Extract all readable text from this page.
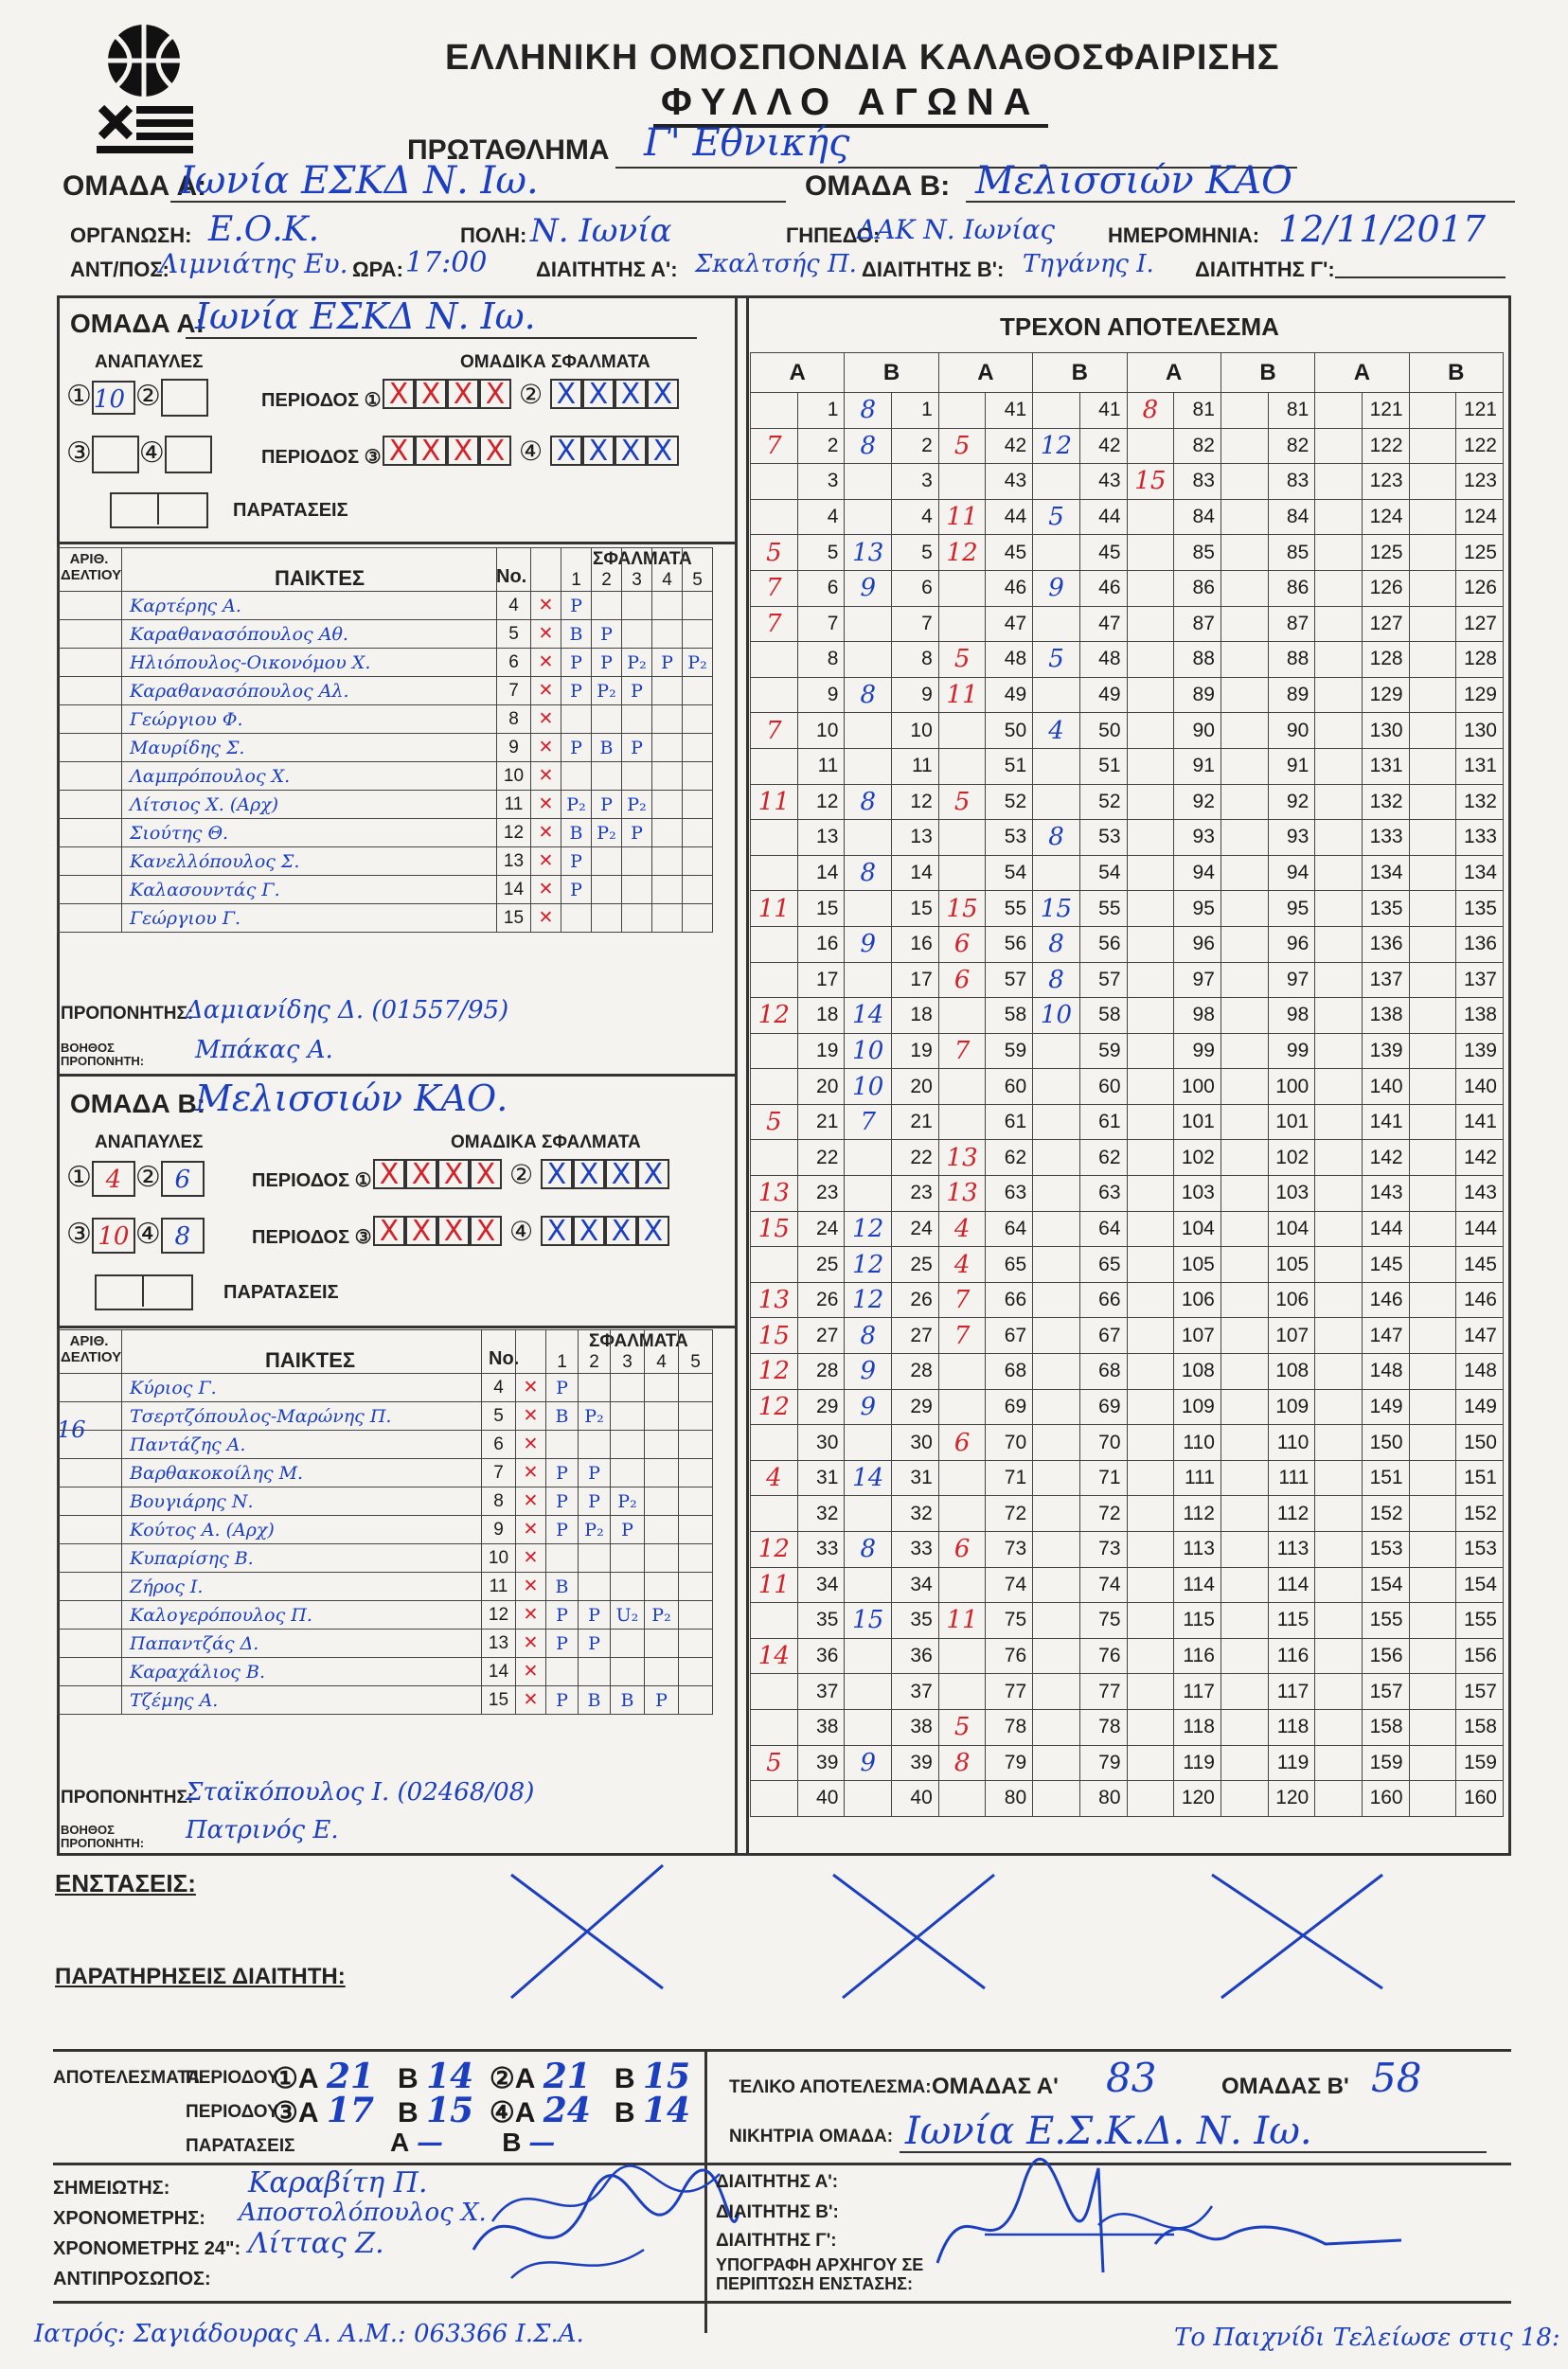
ΕΛΛΗΝΙΚΗ ΟΜΟΣΠΟΝΔΙΑ ΚΑΛΑΘΟΣΦΑΙΡΙΣΗΣ
ΦΥΛΛΟ ΑΓΩΝΑ
ΠΡΩΤΑΘΛΗΜΑ Γ' Εθνικής
ΟΜΑΔΑ Α:
Ιωνία ΕΣΚΔ Ν. Ιω.	ΟΜΑΔΑ Β: Μελισσιών ΚΑΟ
ΟΡΓΑΝΩΣΗ: Ε.Ο.Κ.	ΠΟΛΗ: Ν. Ιωνία	ΓΗΠΕΔΟ:
ΔΑΚ Ν. Ιωνίας	ΗΜΕΡΟΜΗΝΙΑ: 12/11/2017
ΑΝΤ/ΠΟΣ:
Λιμνιάτης Ευ. ΩΡΑ: 17:00 ΔΙΑΙΤΗΤΗΣ Α': Σκαλτσής Π. ΔΙΑΙΤΗΤΗΣ Β': Τηγάνης Ι. ΔΙΑΙΤΗΤΗΣ Γ':
ΟΜΑΔΑ Α:
Ιωνία ΕΣΚΔ Ν. Ιω.
ΑΝΑΠΑΥΛΕΣ	ΟΜΑΔΙΚΑ ΣΦΑΛΜΑΤΑ
①10 ②	ΠΕΡΙΟΔΟΣ ① X X X X ② X X X X
③ ④	ΠΕΡΙΟΔΟΣ ③ X X X X ④ X X X X
ΠΑΡΑΤΑΣΕΙΣ
ΑΡΙΘ. ΔΕΛΤΙΟΥ	ΠΑΙΚΤΕΣ	No.
ΣΦΑΛΜΑΤΑ
				1	2	3	4	5
	Καρτέρης Α.	4	✕	P				
	Καραθανασόπουλος Αθ.	5	✕	B	P			
	Ηλιόπουλος-Οικονόμου Χ.	6	✕	P	P	P₂	P	P₂
	Καραθανασόπουλος Αλ.	7	✕	P	P₂	P		
	Γεώργιου Φ.	8	✕					
	Μαυρίδης Σ.	9	✕	P	B	P		
	Λαμπρόπουλος Χ.	10	✕					
	Λίτσιος Χ. (Αρχ)	11	✕	P₂	P	P₂		
	Σιούτης Θ.	12	✕	B	P₂	P		
	Κανελλόπουλος Σ.	13	✕	P				
	Καλασουντάς Γ.	14	✕	P				
	Γεώργιου Γ.	15	✕					
ΠΡΟΠΟΝΗΤΗΣ:
Δαμιανίδης Δ. (01557/95)
ΒΟΗΘΟΣ ΠΡΟΠΟΝΗΤΗ: Μπάκας Α.
ΟΜΑΔΑ Β:
Μελισσιών ΚΑΟ.
ΑΝΑΠΑΥΛΕΣ	ΟΜΑΔΙΚΑ ΣΦΑΛΜΑΤΑ
① 4 ② 6	ΠΕΡΙΟΔΟΣ ① X X X X ② X X X X
③ 10 ④ 8	ΠΕΡΙΟΔΟΣ ③ X X X X ④ X X X X
ΠΑΡΑΤΑΣΕΙΣ
ΑΡΙΘ. ΔΕΛΤΙΟΥ	ΠΑΙΚΤΕΣ	No.
ΣΦΑΛΜΑΤΑ
16
				1	2	3	4	5
	Κύριος Γ.	4	✕	P				
	Τσερτζόπουλος-Μαρώνης Π.	5	✕	B	P₂			
	Παντάζης Α.	6	✕					
	Βαρθακοκοίλης Μ.	7	✕	P	P			
	Βουγιάρης Ν.	8	✕	P	P	P₂		
	Κούτος Α. (Αρχ)	9	✕	P	P₂	P		
	Κυπαρίσης Β.	10	✕					
	Ζήρος Ι.	11	✕	B				
	Καλογερόπουλος Π.	12	✕	P	P	U₂	P₂	
	Παπαντζάς Δ.	13	✕	P	P			
	Καραχάλιος Β.	14	✕					
	Τζέμης Α.	15	✕	P	B	B	P	
ΠΡΟΠΟΝΗΤΗΣ:
Σταϊκόπουλος Ι. (02468/08)
ΒΟΗΘΟΣ ΠΡΟΠΟΝΗΤΗ: Πατρινός Ε.
ΤΡΕΧΟΝ ΑΠΟΤΕΛΕΣΜΑ
Α		Β		Α		Β		Α		Β		Α		Β	
	1	8	1		41		41	8	81		81		121		121
7	2	8	2	5	42	12	42		82		82		122		122
	3		3		43		43	15	83		83		123		123
	4		4	11	44	5	44		84		84		124		124
5	5	13	5	12	45		45		85		85		125		125
7	6	9	6		46	9	46		86		86		126		126
7	7		7		47		47		87		87		127		127
	8		8	5	48	5	48		88		88		128		128
	9	8	9	11	49		49		89		89		129		129
7	10		10		50	4	50		90		90		130		130
	11		11		51		51		91		91		131		131
11	12	8	12	5	52		52		92		92		132		132
	13		13		53	8	53		93		93		133		133
	14	8	14		54		54		94		94		134		134
11	15		15	15	55	15	55		95		95		135		135
	16	9	16	6	56	8	56		96		96		136		136
	17		17	6	57	8	57		97		97		137		137
12	18	14	18		58	10	58		98		98		138		138
	19	10	19	7	59		59		99		99		139		139
	20	10	20		60		60		100		100		140		140
5	21	7	21		61		61		101		101		141		141
	22		22	13	62		62		102		102		142		142
13	23		23	13	63		63		103		103		143		143
15	24	12	24	4	64		64		104		104		144		144
	25	12	25	4	65		65		105		105		145		145
13	26	12	26	7	66		66		106		106		146		146
15	27	8	27	7	67		67		107		107		147		147
12	28	9	28		68		68		108		108		148		148
12	29	9	29		69		69		109		109		149		149
	30		30	6	70		70		110		110		150		150
4	31	14	31		71		71		111		111		151		151
	32		32		72		72		112		112		152		152
12	33	8	33	6	73		73		113		113		153		153
11	34		34		74		74		114		114		154		154
	35	15	35	11	75		75		115		115		155		155
14	36		36		76		76		116		116		156		156
	37		37		77		77		117		117		157		157
	38		38	5	78		78		118		118		158		158
5	39	9	39	8	79		79		119		119		159		159
	40		40		80		80		120		120		160		160
ΕΝΣΤΑΣΕΙΣ:
ΠΑΡΑΤΗΡΗΣΕΙΣ ΔΙΑΙΤΗΤΗ:
ΑΠΟΤΕΛΕΣΜΑΤΑ
ΠΕΡΙΟΔΟΥ
①Α 21 Β 14  ②Α 21 Β 15
ΠΕΡΙΟΔΟΥ
③Α 17 Β 15  ④Α 24 Β 14
ΠΑΡΑΤΑΣΕΙΣ	Α — Β —
ΤΕΛΙΚΟ ΑΠΟΤΕΛΕΣΜΑ: ΟΜΑΔΑΣ Α' 83	ΟΜΑΔΑΣ Β' 58
ΝΙΚΗΤΡΙΑ ΟΜΑΔΑ: Ιωνία Ε.Σ.Κ.Δ. Ν. Ιω.
ΣΗΜΕΙΩΤΗΣ:	Καραβίτη Π.
ΧΡΟΝΟΜΕΤΡΗΣ: Αποστολόπουλος Χ.
ΧΡΟΝΟΜΕΤΡΗΣ 24": Λίττας Ζ.
ΑΝΤΙΠΡΟΣΩΠΟΣ:
ΔΙΑΙΤΗΤΗΣ Α':
ΔΙΑΙΤΗΤΗΣ Β':
ΔΙΑΙΤΗΤΗΣ Γ':
ΥΠΟΓΡΑΦΗ ΑΡΧΗΓΟΥ ΣΕ ΠΕΡΙΠΤΩΣΗ ΕΝΣΤΑΣΗΣ:
Ιατρός: Σαγιάδουρας Α. Α.Μ.: 063366 Ι.Σ.Α.	Το Παιχνίδι Τελείωσε στις 18:
